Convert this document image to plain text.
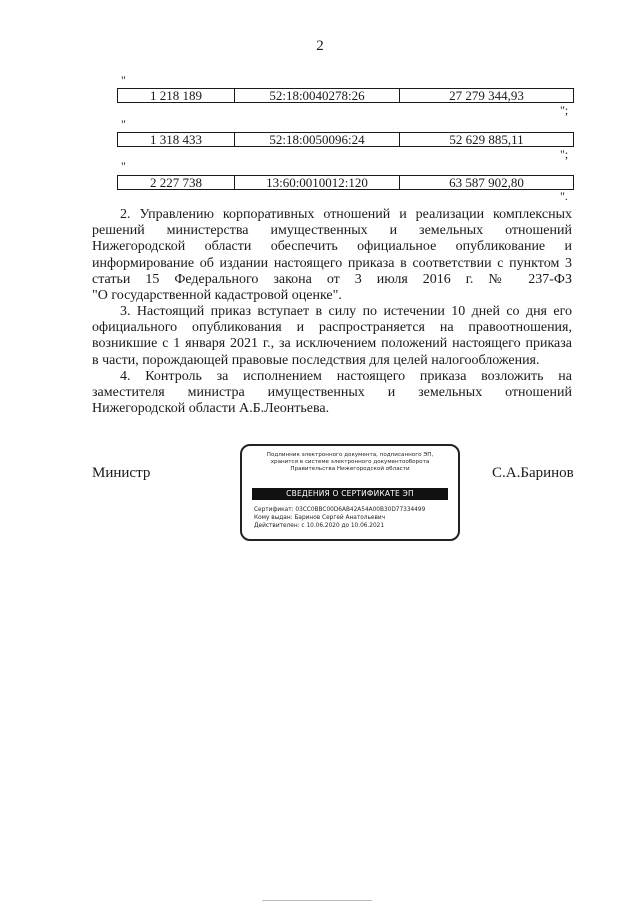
2
"
1 218 189	52:18:0040278:26	27 279 344,93
";
"
1 318 433	52:18:0050096:24	52 629 885,11
";
"
2 227 738	13:60:0010012:120	63 587 902,80
".
2. Управлению корпоративных отношений и реализации комплексных
решений министерства имущественных и земельных отношений
Нижегородской области обеспечить официальное опубликование и
информирование об издании настоящего приказа в соответствии с пунктом 3
статьи 15 Федерального закона от 3 июля 2016 г. № 237-ФЗ
"О государственной кадастровой оценке".
3. Настоящий приказ вступает в силу по истечении 10 дней со дня его
официального опубликования и распространяется на правоотношения,
возникшие с 1 января 2021 г., за исключением положений настоящего приказа
в части, порождающей правовые последствия для целей налогообложения.
4. Контроль за исполнением настоящего приказа возложить на
заместителя министра имущественных и земельных отношений
Нижегородской области А.Б.Леонтьева.
Министр
Подлинник электронного документа, подписанного ЭП,
хранится в системе электронного документооборота
Правительства Нижегородской области
СВЕДЕНИЯ О СЕРТИФИКАТЕ ЭП
Сертификат: 03CC0BBC00D6AB42A54A00B30D77334499
Кому выдан: Баринов Сергей Анатольевич
Действителен: с 10.06.2020 до 10.06.2021
С.А.Баринов
